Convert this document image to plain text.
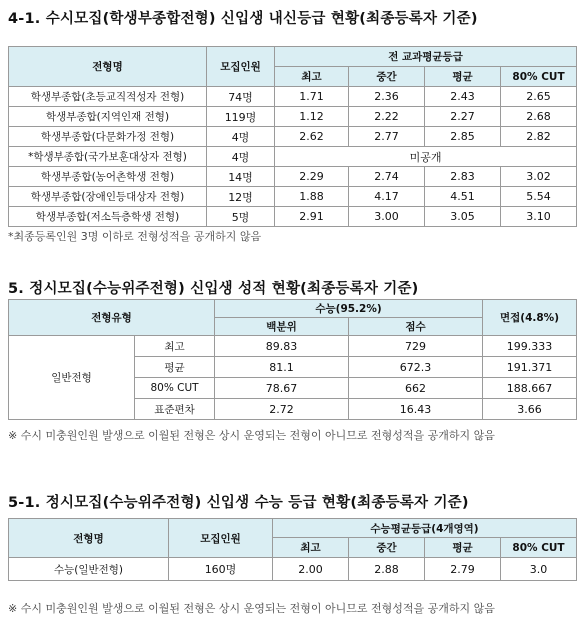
4-1. 수시모집(학생부종합전형) 신입생 내신등급 현황(최종등록자 기준)
전형명	모집인원	전 교과평균등급			
		최고	중간	평균	80% CUT
학생부종합(초등교직적성자 전형)	74명	1.71	2.36	2.43	2.65
학생부종합(지역인재 전형)	119명	1.12	2.22	2.27	2.68
학생부종합(다문화가정 전형)	4명	2.62	2.77	2.85	2.82
*학생부종합(국가보훈대상자 전형)	4명	미공개			
학생부종합(농어촌학생 전형)	14명	2.29	2.74	2.83	3.02
학생부종합(장애인등대상자 전형)	12명	1.88	4.17	4.51	5.54
학생부종합(저소득층학생 전형)	5명	2.91	3.00	3.05	3.10
*최종등록인원 3명 이하로 전형성적을 공개하지 않음
5. 정시모집(수능위주전형) 신입생 성적 현황(최종등록자 기준)
전형유형		수능(95.2%)		면접(4.8%)
		백분위	점수	
일반전형	최고	89.83	729	199.333
	평균	81.1	672.3	191.371
	80% CUT	78.67	662	188.667
	표준편차	2.72	16.43	3.66
※ 수시 미충원인원 발생으로 이월된 전형은 상시 운영되는 전형이 아니므로 전형성적을 공개하지 않음
5-1. 정시모집(수능위주전형) 신입생 수능 등급 현황(최종등록자 기준)
전형명	모집인원	수능평균등급(4개영역)			
		최고	중간	평균	80% CUT
수능(일반전형)	160명	2.00	2.88	2.79	3.0
※ 수시 미충원인원 발생으로 이월된 전형은 상시 운영되는 전형이 아니므로 전형성적을 공개하지 않음
